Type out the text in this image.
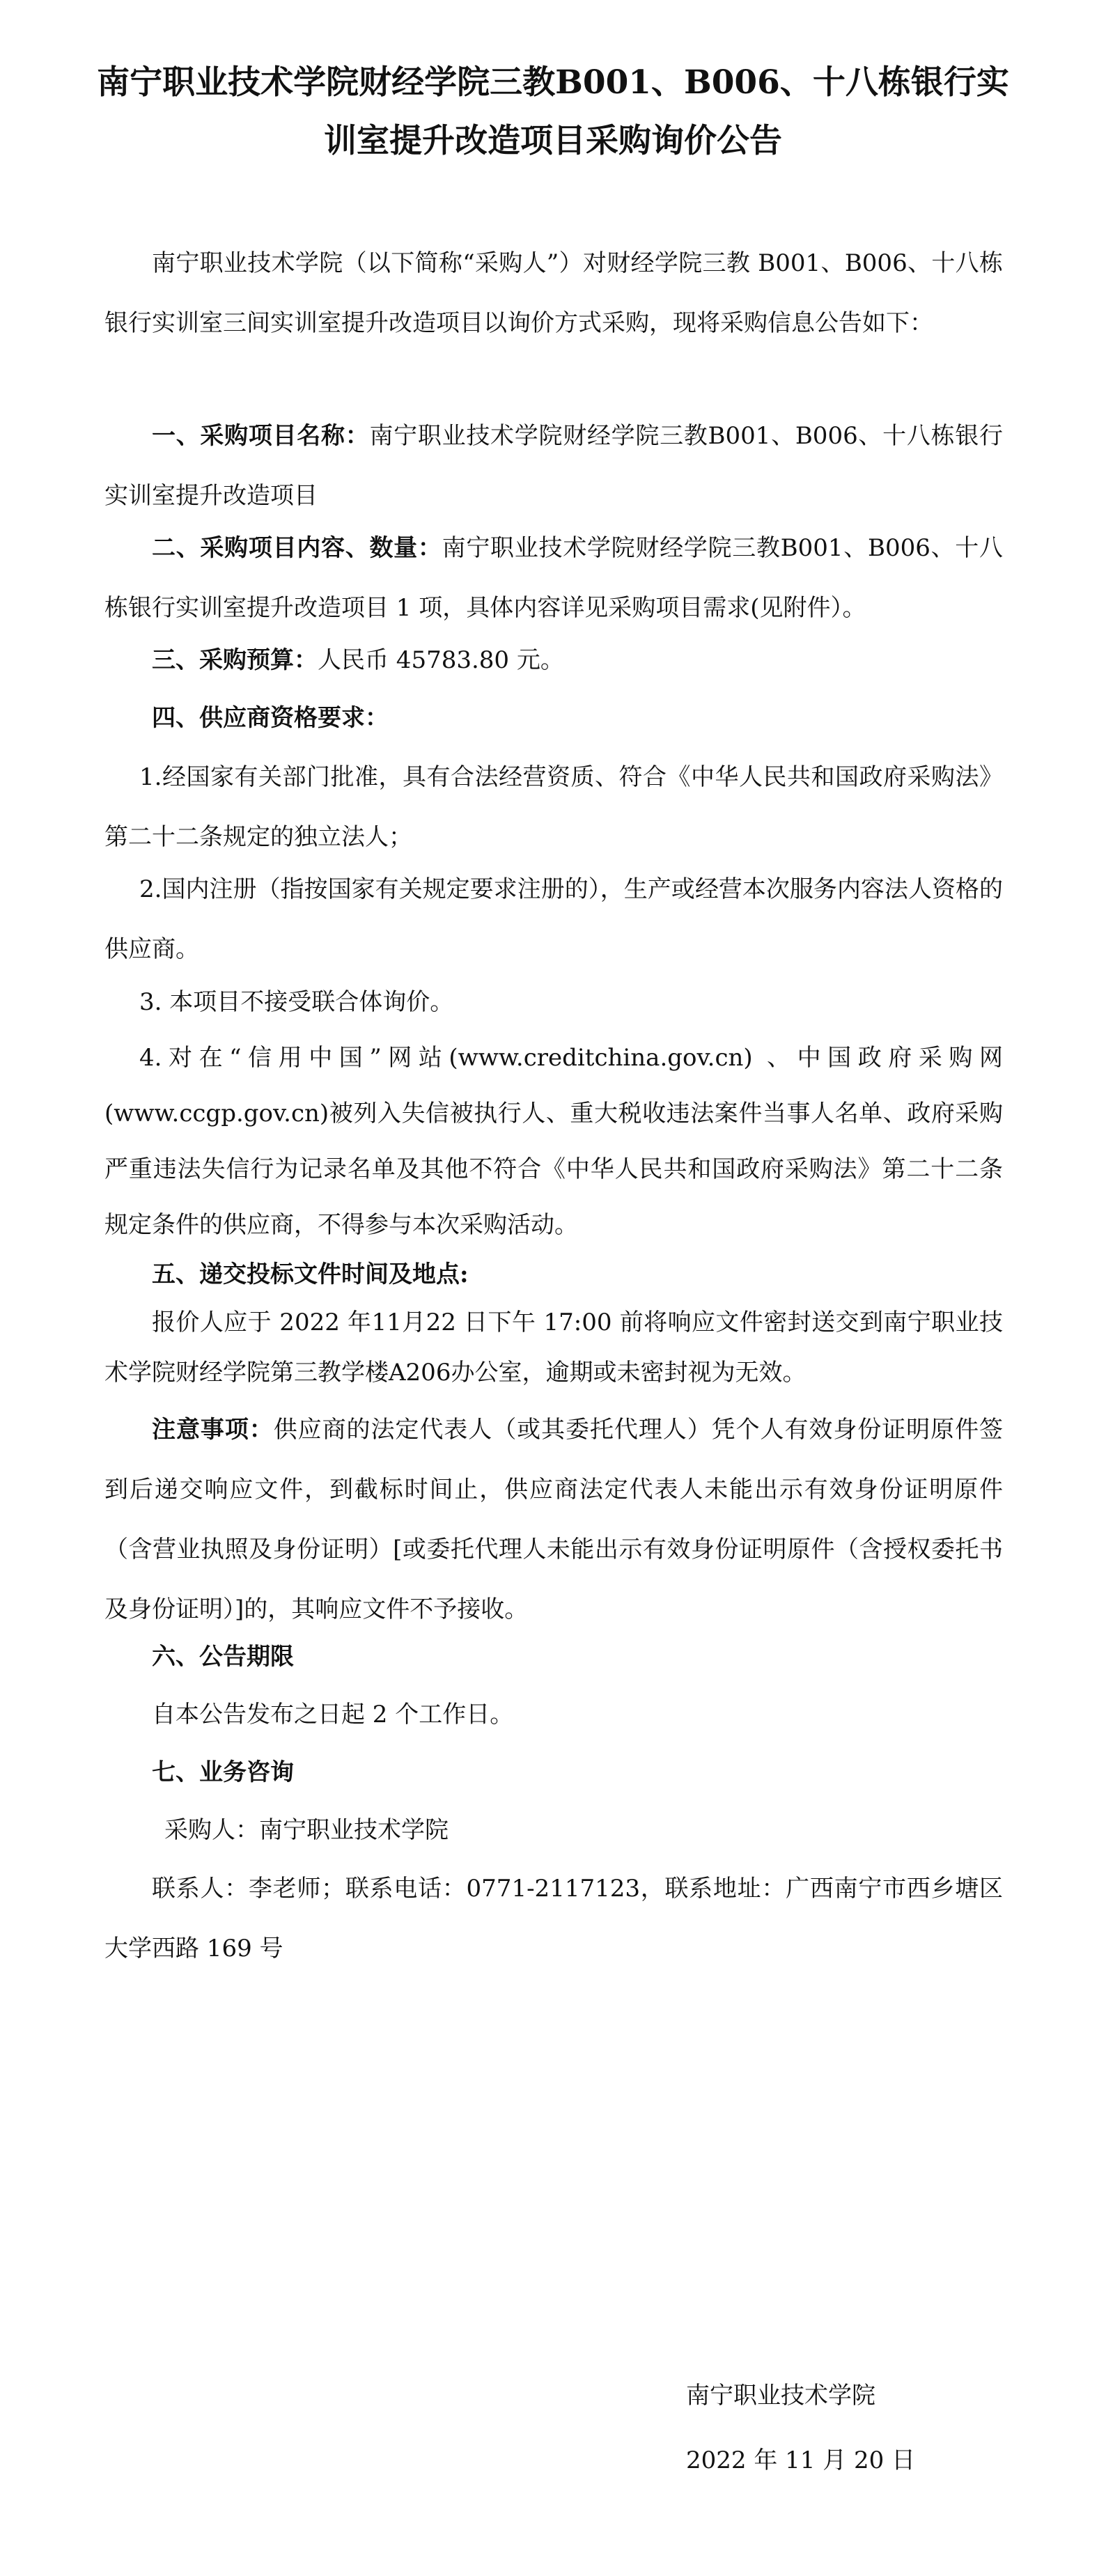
南宁职业技术学院财经学院三教B001、B006、十八栋银行实
训室提升改造项目采购询价公告

南宁职业技术学院（以下简称“采购人”）对财经学院三教 B001、B006、十八栋银行实训室三间实训室提升改造项目以询价方式采购，现将采购信息公告如下：

一、采购项目名称：南宁职业技术学院财经学院三教B001、B006、十八栋银行实训室提升改造项目

二、采购项目内容、数量：南宁职业技术学院财经学院三教B001、B006、十八栋银行实训室提升改造项目 1 项，具体内容详见采购项目需求(见附件）。

三、采购预算：人民币 45783.80 元。

四、供应商资格要求：

1.经国家有关部门批准，具有合法经营资质、符合《中华人民共和国政府采购法》第二十二条规定的独立法人；

2.国内注册（指按国家有关规定要求注册的），生产或经营本次服务内容法人资格的供应商。

3. 本项目不接受联合体询价。

4.对在“信用中国”网站(www.creditchina.gov.cn) 、中国政府采购网(www.ccgp.gov.cn)被列入失信被执行人、重大税收违法案件当事人名单、政府采购严重违法失信行为记录名单及其他不符合《中华人民共和国政府采购法》第二十二条规定条件的供应商，不得参与本次采购活动。

五、递交投标文件时间及地点:

报价人应于 2022 年11月22 日下午 17:00 前将响应文件密封送交到南宁职业技术学院财经学院第三教学楼A206办公室，逾期或未密封视为无效。

注意事项：供应商的法定代表人（或其委托代理人）凭个人有效身份证明原件签到后递交响应文件，到截标时间止，供应商法定代表人未能出示有效身份证明原件（含营业执照及身份证明）[或委托代理人未能出示有效身份证明原件（含授权委托书及身份证明）]的，其响应文件不予接收。

六、公告期限

自本公告发布之日起 2 个工作日。

七、业务咨询

采购人：南宁职业技术学院

联系人：李老师；联系电话：0771-2117123，联系地址：广西南宁市西乡塘区大学西路 169 号

南宁职业技术学院
2022 年 11 月 20 日
